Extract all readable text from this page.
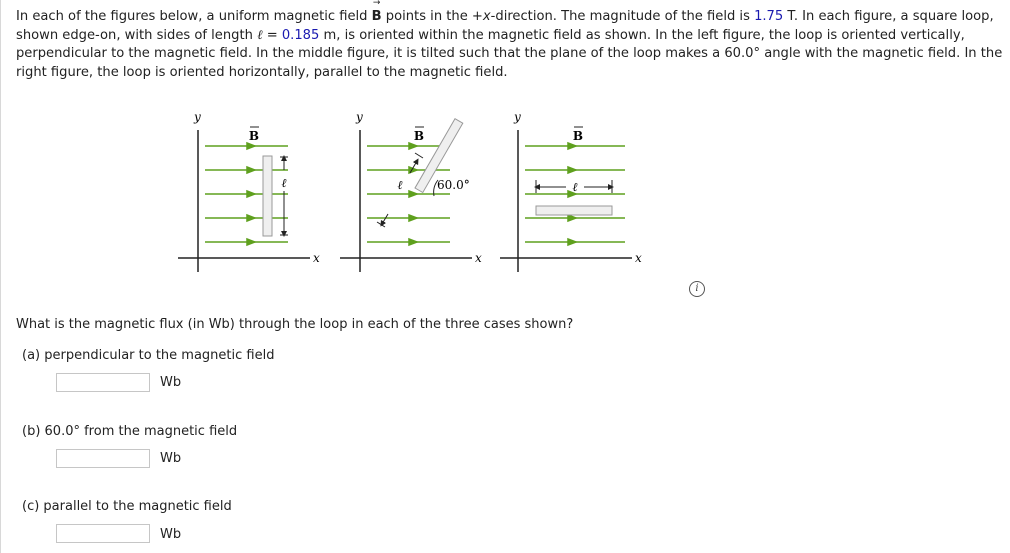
In each of the figures below, a uniform magnetic field
→
B points in the +x-direction. The magnitude of the field is 1.75 T. In each figure, a square loop, shown edge-on, with sides of length ℓ = 0.185 m, is oriented within the magnetic field as shown. In the left figure, the loop is oriented vertically, perpendicular to the magnetic field. In the middle figure, it is tilted such that the plane of the loop makes a 60.0° angle with the magnetic field. In the right figure, the loop is oriented horizontally, parallel to the magnetic field.

y
x
B
ℓ
y
x
B
ℓ	60.0°
y
x
B
ℓ
i

What is the magnetic flux (in Wb) through the loop in each of the three cases shown?

(a) perpendicular to the magnetic field
Wb
(b) 60.0° from the magnetic field
Wb
(c) parallel to the magnetic field
Wb
